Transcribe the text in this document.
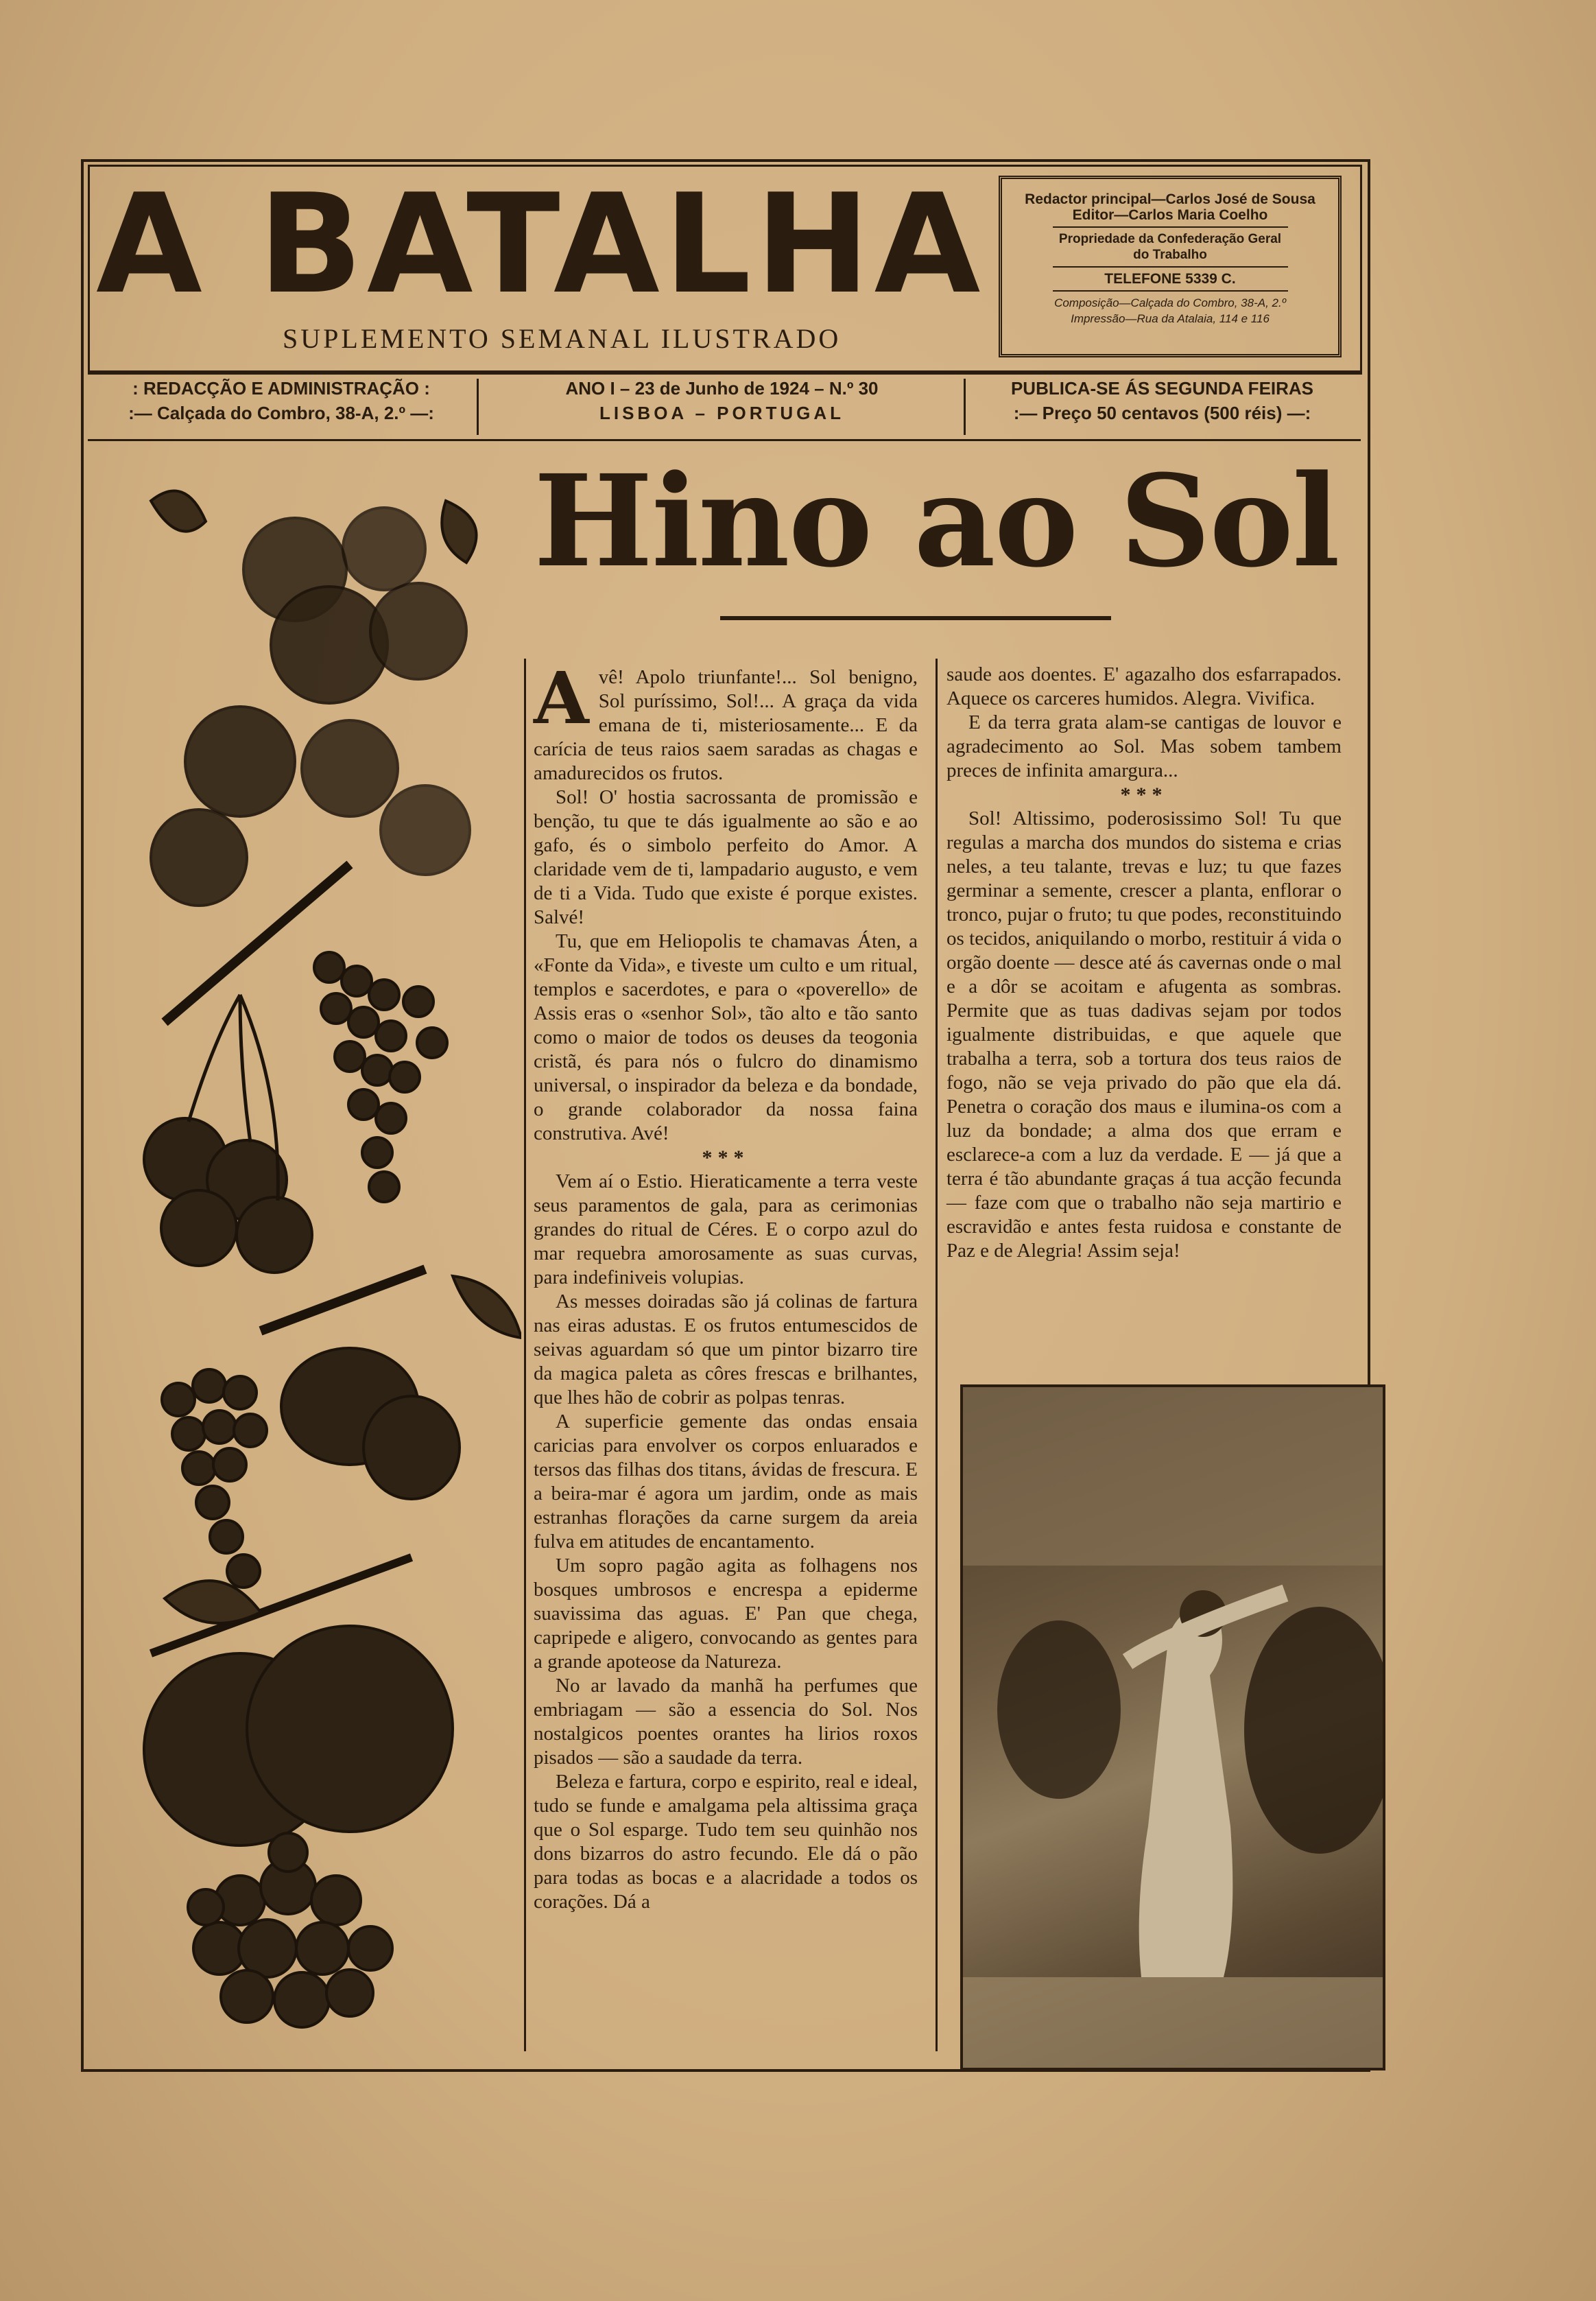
A BATALHA
SUPLEMENTO SEMANAL ILUSTRADO
Redactor principal—Carlos José de Sousa
Editor—Carlos Maria Coelho
Propriedade da Confederação Geral do Trabalho
TELEFONE 5339 C.
Composição—Calçada do Combro, 38-A, 2.º
Impressão—Rua da Atalaia, 114 e 116
: REDACÇÃO E ADMINISTRAÇÃO :
:— Calçada do Combro, 38-A, 2.º —:
ANO I – 23 de Junho de 1924 – N.º 30
LISBOA – PORTUGAL
PUBLICA-SE ÁS SEGUNDA FEIRAS
:— Preço 50 centavos (500 réis) —:
Hino ao Sol

Avê! Apolo triunfante!... Sol benigno, Sol puríssimo, Sol!... A graça da vida emana de ti, misteriosamente... E da carícia de teus raios saem saradas as chagas e amadurecidos os frutos.

Sol! O' hostia sacrossanta de promissão e benção, tu que te dás igualmente ao são e ao gafo, és o simbolo perfeito do Amor. A claridade vem de ti, lampadario augusto, e vem de ti a Vida. Tudo que existe é porque existes. Salvé!

Tu, que em Heliopolis te chamavas Áten, a «Fonte da Vida», e tiveste um culto e um ritual, templos e sacerdotes, e para o «poverello» de Assis eras o «senhor Sol», tão alto e tão santo como o maior de todos os deuses da teogonia cristã, és para nós o fulcro do dinamismo universal, o inspirador da beleza e da bondade, o grande colaborador da nossa faina construtiva. Avé!

***

Vem aí o Estio. Hieraticamente a terra veste seus paramentos de gala, para as cerimonias grandes do ritual de Céres. E o corpo azul do mar requebra amorosamente as suas curvas, para indefiniveis volupias.

As messes doiradas são já colinas de fartura nas eiras adustas. E os frutos entumescidos de seivas aguardam só que um pintor bizarro tire da magica paleta as côres frescas e brilhantes, que lhes hão de cobrir as polpas tenras.

A superficie gemente das ondas ensaia caricias para envolver os corpos enluarados e tersos das filhas dos titans, ávidas de frescura. E a beira-mar é agora um jardim, onde as mais estranhas florações da carne surgem da areia fulva em atitudes de encantamento.

Um sopro pagão agita as folhagens nos bosques umbrosos e encrespa a epiderme suavissima das aguas. E' Pan que chega, capripede e aligero, convocando as gentes para a grande apoteose da Natureza.

No ar lavado da manhã ha perfumes que embriagam — são a essencia do Sol. Nos nostalgicos poentes orantes ha lirios roxos pisados — são a saudade da terra.

Beleza e fartura, corpo e espirito, real e ideal, tudo se funde e amalgama pela altissima graça que o Sol esparge. Tudo tem seu quinhão nos dons bizarros do astro fecundo. Ele dá o pão para todas as bocas e a alacridade a todos os corações. Dá a

saude aos doentes. E' agazalho dos esfarrapados. Aquece os carceres humidos. Alegra. Vivifica.

E da terra grata alam-se cantigas de louvor e agradecimento ao Sol. Mas sobem tambem preces de infinita amargura...

***

Sol! Altissimo, poderosissimo Sol! Tu que regulas a marcha dos mundos do sistema e crias neles, a teu talante, trevas e luz; tu que fazes germinar a semente, crescer a planta, enflorar o tronco, pujar o fruto; tu que podes, reconstituindo os tecidos, aniquilando o morbo, restituir á vida o orgão doente — desce até ás cavernas onde o mal e a dôr se acoitam e afugenta as sombras. Permite que as tuas dadivas sejam por todos igualmente distribuidas, e que aquele que trabalha a terra, sob a tortura dos teus raios de fogo, não se veja privado do pão que ela dá. Penetra o coração dos maus e ilumina-os com a luz da bondade; a alma dos que erram e esclarece-a com a luz da verdade. E — já que a terra é tão abundante graças á tua acção fecunda — faze com que o trabalho não seja martirio e escravidão e antes festa ruidosa e constante de Paz e de Alegria! Assim seja!
